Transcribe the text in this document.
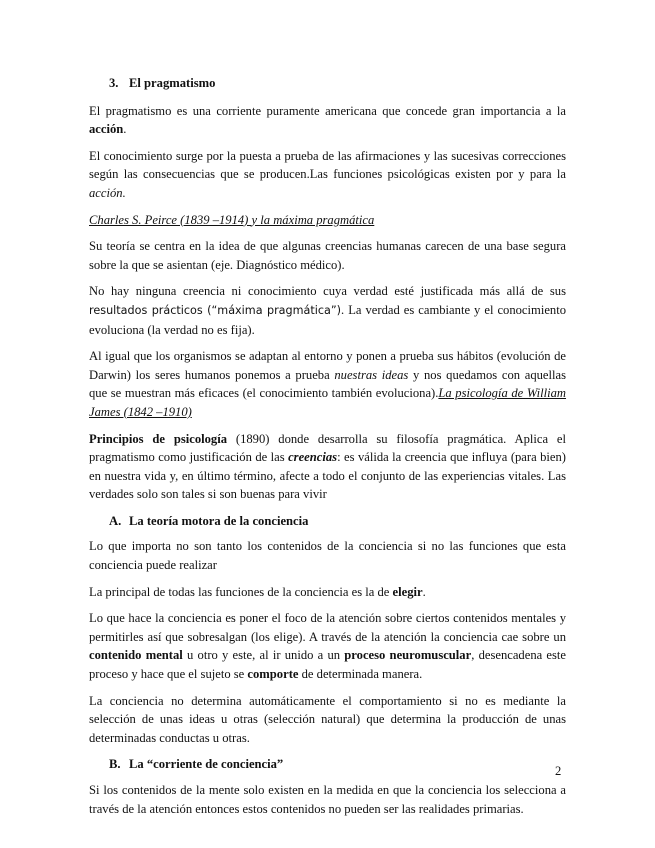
3. El pragmatismo

El pragmatismo es una corriente puramente americana que concede gran importancia a la acción.

El conocimiento surge por la puesta a prueba de las afirmaciones y las sucesivas correcciones según las consecuencias que se producen.Las funciones psicológicas existen por y para la acción.

Charles S. Peirce (1839 –1914) y la máxima pragmática

Su teoría se centra en la idea de que algunas creencias humanas carecen de una base segura sobre la que se asientan (eje. Diagnóstico médico).

No hay ninguna creencia ni conocimiento cuya verdad esté justificada más allá de sus resultados prácticos (“máxima pragmática”). La verdad es cambiante y el conocimiento evoluciona (la verdad no es fija).

Al igual que los organismos se adaptan al entorno y ponen a prueba sus hábitos (evolución de Darwin) los seres humanos ponemos a prueba nuestras ideas y nos quedamos con aquellas que se muestran más eficaces (el conocimiento también evoluciona).La psicología de William James (1842 –1910)

Principios de psicología (1890) donde desarrolla su filosofía pragmática. Aplica el pragmatismo como justificación de las creencias: es válida la creencia que influya (para bien) en nuestra vida y, en último término, afecte a todo el conjunto de las experiencias vitales. Las verdades solo son tales si son buenas para vivir

A. La teoría motora de la conciencia

Lo que importa no son tanto los contenidos de la conciencia si no las funciones que esta conciencia puede realizar

La principal de todas las funciones de la conciencia es la de elegir.

Lo que hace la conciencia es poner el foco de la atención sobre ciertos contenidos mentales y permitirles así que sobresalgan (los elige). A través de la atención la conciencia cae sobre un contenido mental u otro y este, al ir unido a un proceso neuromuscular, desencadena este proceso y hace que el sujeto se comporte de determinada manera.

La conciencia no determina automáticamente el comportamiento si no es mediante la selección de unas ideas u otras (selección natural) que determina la producción de unas determinadas conductas u otras.

B. La “corriente de conciencia”

Si los contenidos de la mente solo existen en la medida en que la conciencia los selecciona a través de la atención entonces estos contenidos no pueden ser las realidades primarias.

2
